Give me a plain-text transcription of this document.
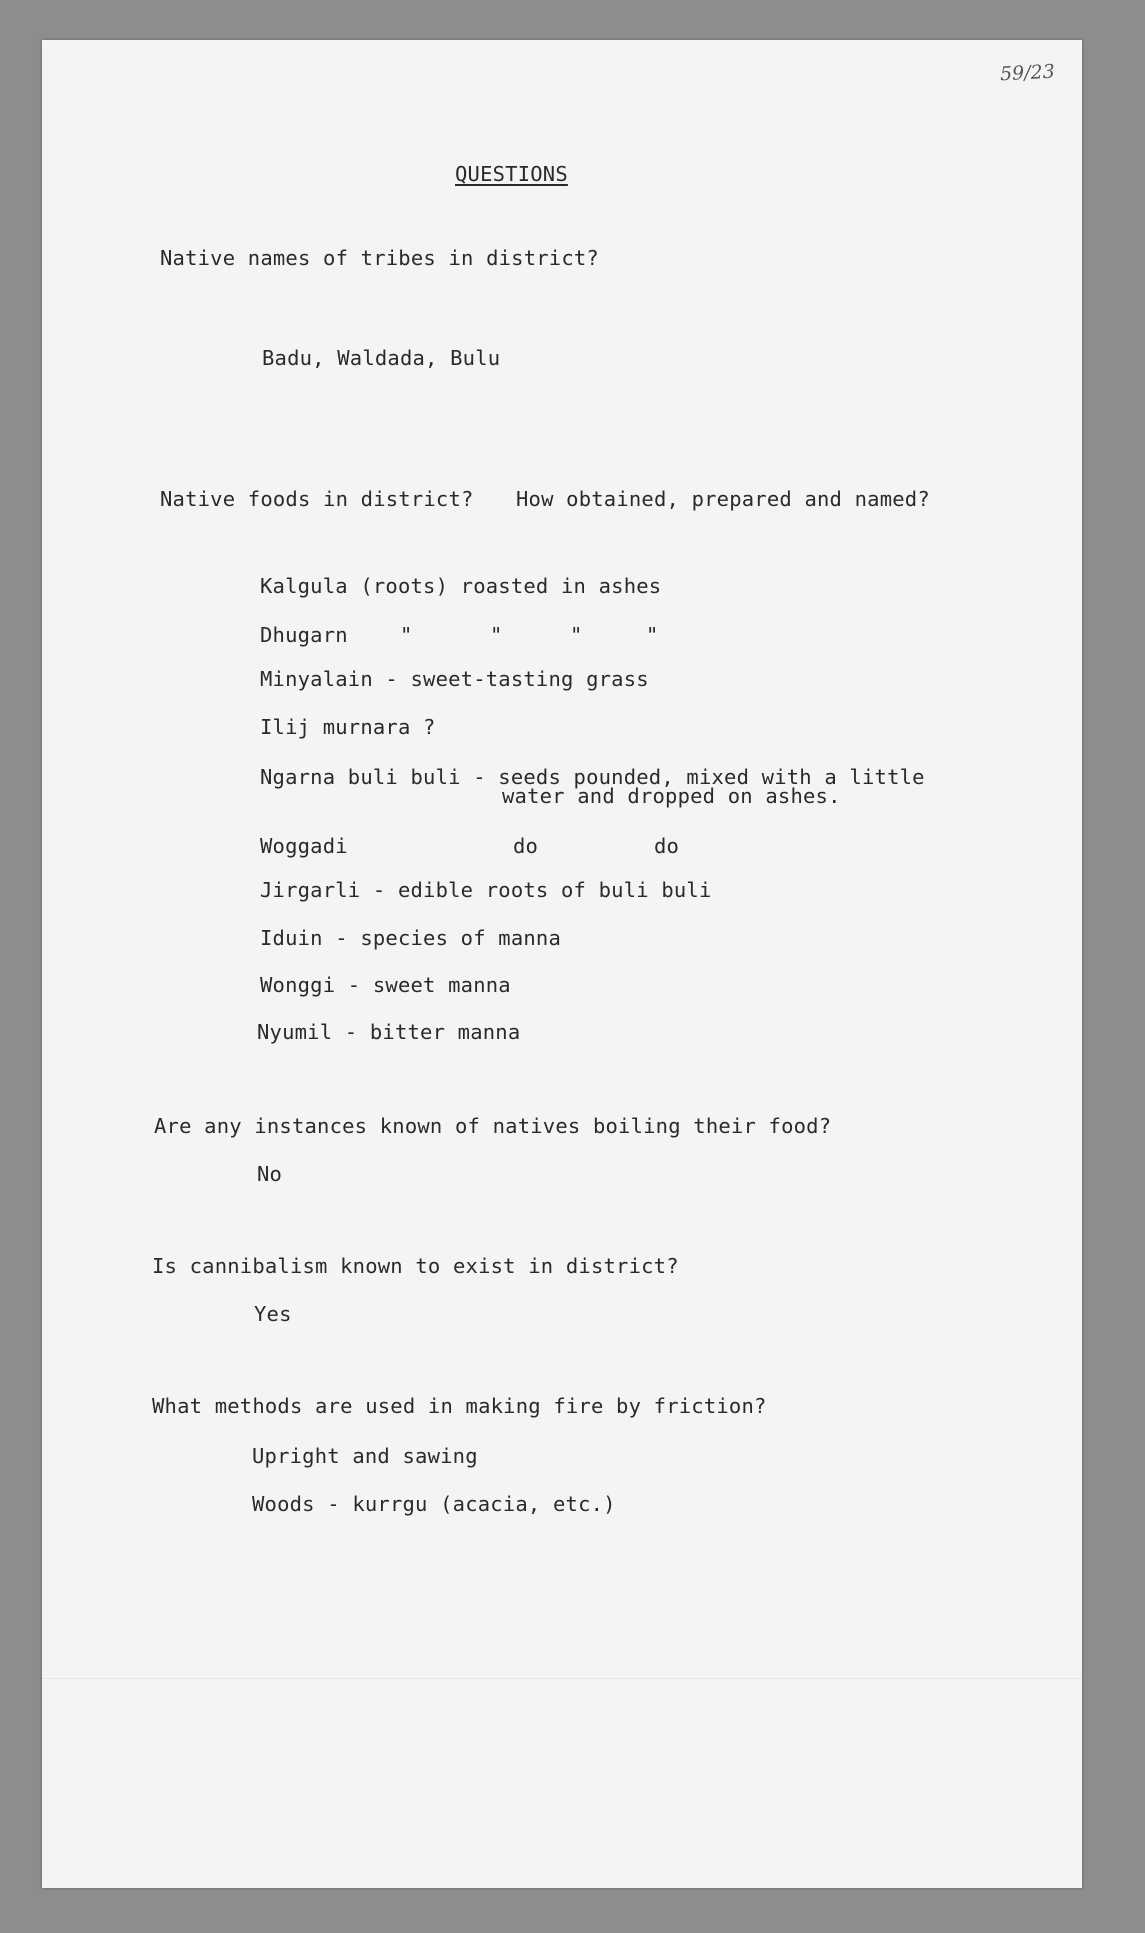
59/23
QUESTIONS
Native names of tribes in district?
Badu, Waldada, Bulu
Native foods in district? How obtained, prepared and named?
Kalgula (roots) roasted in ashes
Dhugarn	"	"	"	"
Minyalain - sweet-tasting grass
Ilij murnara ?
Ngarna buli buli - seeds pounded, mixed with a little
water and dropped on ashes.
Woggadi	do	do
Jirgarli - edible roots of buli buli
Iduin - species of manna
Wonggi - sweet manna
Nyumil - bitter manna
Are any instances known of natives boiling their food?
No
Is cannibalism known to exist in district?
Yes
What methods are used in making fire by friction?
Upright and sawing
Woods - kurrgu (acacia, etc.)
